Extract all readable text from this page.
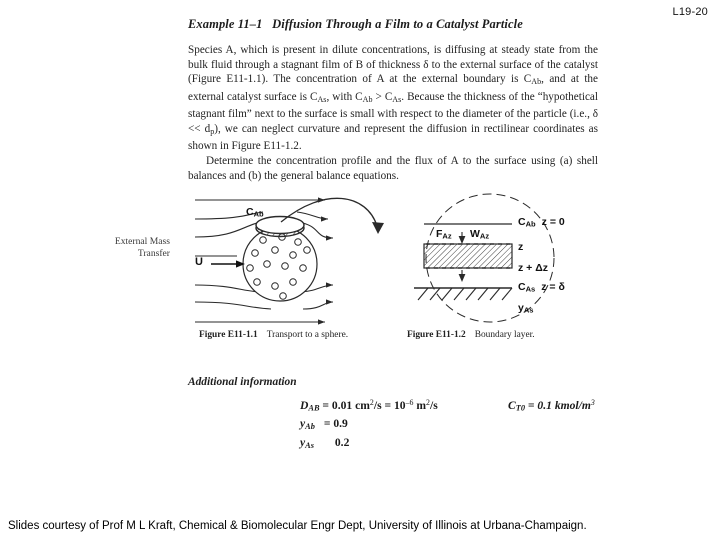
L19-20
External Mass
Transfer
Example 11–1 Diffusion Through a Film to a Catalyst Particle

Species A, which is present in dilute concentrations, is diffusing at steady state from the bulk fluid through a stagnant film of B of thickness δ to the external surface of the catalyst (Figure E11-1.1). The concentration of A at the external boundary is $C_{Ab}$, and at the external catalyst surface is $C_{As}$, with $C_{Ab} > C_{As}$. Because the thickness of the “hypothetical stagnant film” next to the surface is small with respect to the diameter of the particle (i.e., $\delta << d_p$), we can neglect curvature and represent the diffusion in rectilinear coordinates as shown in Figure E11-1.2.

Determine the concentration profile and the flux of A to the surface using (a) shell balances and (b) the general balance equations.

U
$C_{Ab}$
$F_{Az}$ $W_{Az}$
$C_{Ab}$ z = 0
z
z + Δz
$C_{As}$ z = δ
$y_{As}$
Figure E11-1.1 Transport to a sphere.	Figure E11-1.2 Boundary layer.
Additional information
$D_{AB} = 0.01$ $cm^2/s = 10^{-6}$ $m^2/s$	$C_{T0} = 0.1$ kmol/$m^3$
$y_{Ab} = 0.9$
$y_{As}$ 0.2
Slides courtesy of Prof M L Kraft, Chemical & Biomolecular Engr Dept, University of Illinois at Urbana-Champaign.
